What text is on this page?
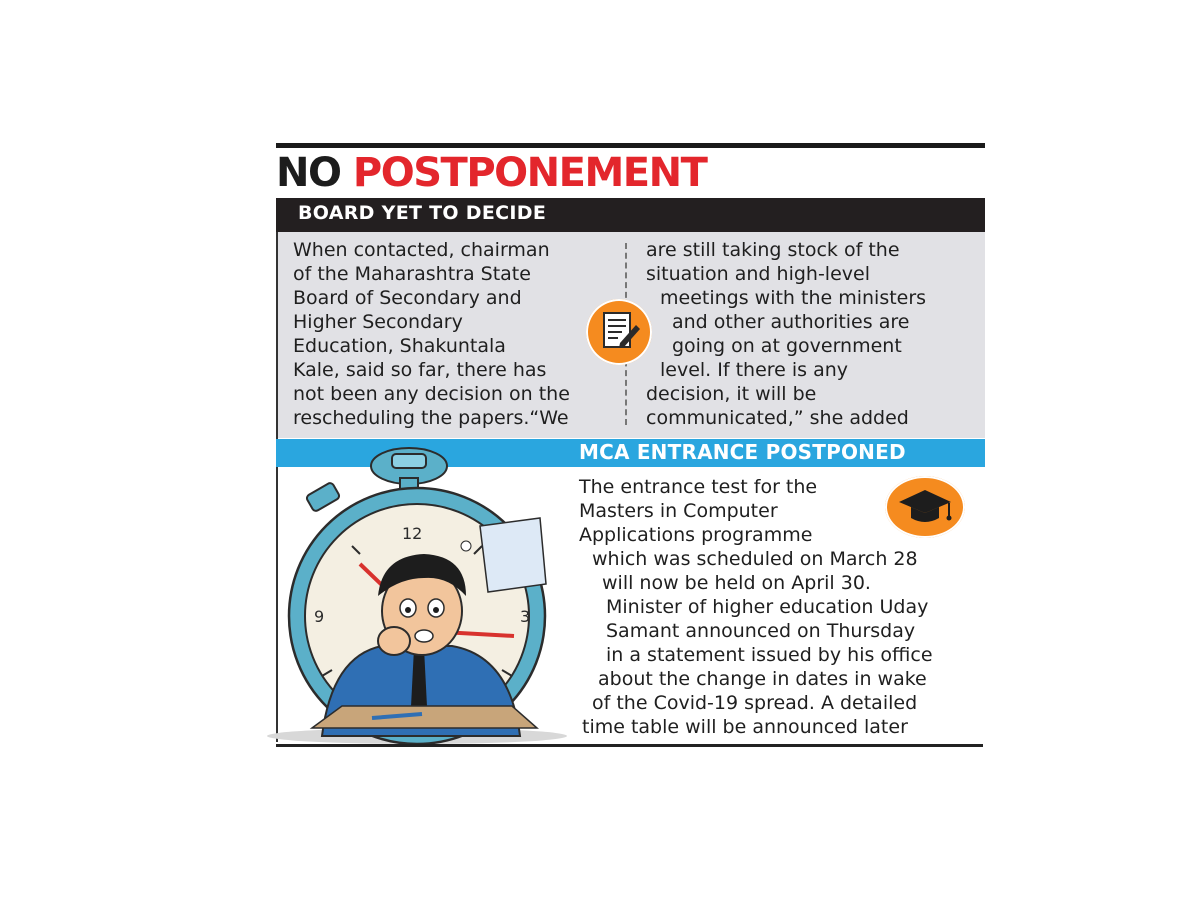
NO POSTPONEMENT
BOARD YET TO DECIDE
When contacted, chairman
of the Maharashtra State
Board of Secondary and
Higher Secondary
Education, Shakuntala
Kale, said so far, there has
not been any decision on the
rescheduling the papers.“We
are still taking stock of the
situation and high-level
meetings with the ministers
and other authorities are
going on at government
level. If there is any
decision, it will be
communicated,” she added
MCA ENTRANCE POSTPONED
The entrance test for the
Masters in Computer
Applications programme
which was scheduled on March 28
will now be held on April 30.
Minister of higher education Uday
Samant announced on Thursday
in a statement issued by his office
about the change in dates in wake
of the Covid-19 spread. A detailed
time table will be announced later
12
9	3
